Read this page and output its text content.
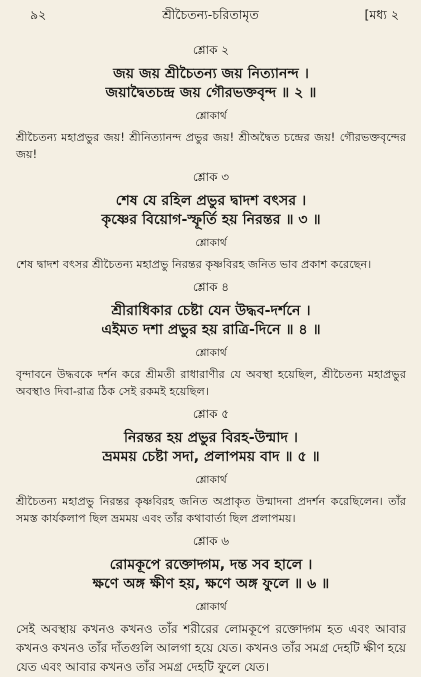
৯২	শ্রীচৈতন্য-চরিতামৃত	[মধ্য ২
শ্লোক ২
জয় জয় শ্রীচৈতন্য জয় নিত্যানন্দ ।
জয়াদ্বৈতচন্দ্র জয় গৌরভক্তবৃন্দ ॥ ২ ॥
শ্লোকার্থ
শ্রীচৈতন্য মহাপ্রভুর জয়! শ্রীনিত্যানন্দ প্রভুর জয়! শ্রীঅদ্বৈত চন্দ্রের জয়! গৌরভক্তবৃন্দের জয়!
শ্লোক ৩
শেষ যে রহিল প্রভুর দ্বাদশ বৎসর ।
কৃষ্ণের বিয়োগ-স্ফূর্তি হয় নিরন্তর ॥ ৩ ॥
শ্লোকার্থ
শেষ দ্বাদশ বৎসর শ্রীচৈতন্য মহাপ্রভু নিরন্তর কৃষ্ণবিরহ জনিত ভাব প্রকাশ করেছেন।
শ্লোক ৪
শ্রীরাধিকার চেষ্টা যেন উদ্ধব-দর্শনে ।
এইমত দশা প্রভুর হয় রাত্রি-দিনে ॥ ৪ ॥
শ্লোকার্থ
বৃন্দাবনে উদ্ধবকে দর্শন করে শ্রীমতী রাধারাণীর যে অবস্থা হয়েছিল, শ্রীচৈতন্য মহাপ্রভুর অবস্থাও দিবা-রাত্র ঠিক সেই রকমই হয়েছিল।
শ্লোক ৫
নিরন্তর হয় প্রভুর বিরহ-উন্মাদ ।
ভ্রমময় চেষ্টা সদা, প্রলাপময় বাদ ॥ ৫ ॥
শ্লোকার্থ
শ্রীচৈতন্য মহাপ্রভু নিরন্তর কৃষ্ণবিরহ জনিত অপ্রাকৃত উন্মাদনা প্রদর্শন করেছিলেন। তাঁর সমস্ত কার্যকলাপ ছিল ভ্রমময় এবং তাঁর কথাবার্তা ছিল প্রলাপময়।
শ্লোক ৬
রোমকূপে রক্তোদ্গম, দন্ত সব হালে ।
ক্ষণে অঙ্গ ক্ষীণ হয়, ক্ষণে অঙ্গ ফুলে ॥ ৬ ॥
শ্লোকার্থ
সেই অবস্থায় কখনও কখনও তাঁর শরীরের লোমকূপে রক্তোদ্গম হত এবং আবার কখনও কখনও তাঁর দাঁতগুলি আলগা হয়ে যেত। কখনও তাঁর সমগ্র দেহটি ক্ষীণ হয়ে যেত এবং আবার কখনও তাঁর সমগ্র দেহটি ফুলে যেত।
